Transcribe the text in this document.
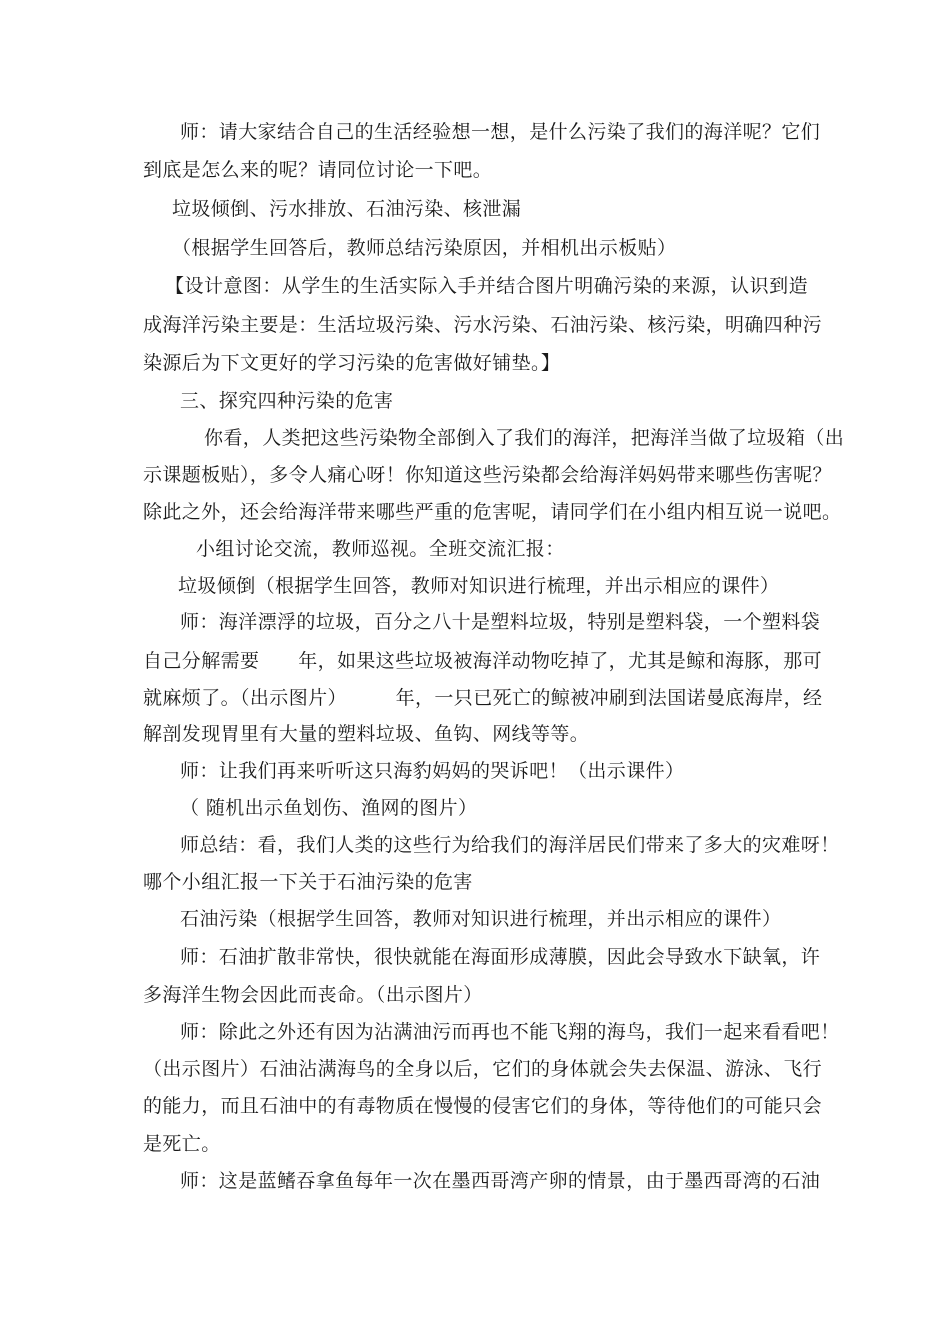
师：请大家结合自己的生活经验想一想，是什么污染了我们的海洋呢？它们
到底是怎么来的呢？请同位讨论一下吧。
垃圾倾倒、污水排放、石油污染、核泄漏
（根据学生回答后，教师总结污染原因，并相机出示板贴）
【设计意图：从学生的生活实际入手并结合图片明确污染的来源，认识到造
成海洋污染主要是：生活垃圾污染、污水污染、石油污染、核污染，明确四种污
染源后为下文更好的学习污染的危害做好铺垫。】
三、探究四种污染的危害
你看，人类把这些污染物全部倒入了我们的海洋，把海洋当做了垃圾箱（出
示课题板贴），多令人痛心呀！你知道这些污染都会给海洋妈妈带来哪些伤害呢？
除此之外，还会给海洋带来哪些严重的危害呢，请同学们在小组内相互说一说吧。
小组讨论交流，教师巡视。全班交流汇报：
垃圾倾倒（根据学生回答，教师对知识进行梳理，并出示相应的课件）
师：海洋漂浮的垃圾，百分之八十是塑料垃圾，特别是塑料袋，一个塑料袋
自己分解需要　　年，如果这些垃圾被海洋动物吃掉了，尤其是鲸和海豚，那可
就麻烦了。（出示图片）　　　年，一只已死亡的鲸被冲刷到法国诺曼底海岸，经
解剖发现胃里有大量的塑料垃圾、鱼钩、网线等等。
师：让我们再来听听这只海豹妈妈的哭诉吧！（出示课件）
（ 随机出示鱼划伤、渔网的图片）
师总结：看，我们人类的这些行为给我们的海洋居民们带来了多大的灾难呀！
哪个小组汇报一下关于石油污染的危害
石油污染（根据学生回答，教师对知识进行梳理，并出示相应的课件）
师：石油扩散非常快，很快就能在海面形成薄膜，因此会导致水下缺氧，许
多海洋生物会因此而丧命。（出示图片）
师：除此之外还有因为沾满油污而再也不能飞翔的海鸟，我们一起来看看吧！
（出示图片）石油沾满海鸟的全身以后，它们的身体就会失去保温、游泳、飞行
的能力，而且石油中的有毒物质在慢慢的侵害它们的身体，等待他们的可能只会
是死亡。
师：这是蓝鳍吞拿鱼每年一次在墨西哥湾产卵的情景，由于墨西哥湾的石油
